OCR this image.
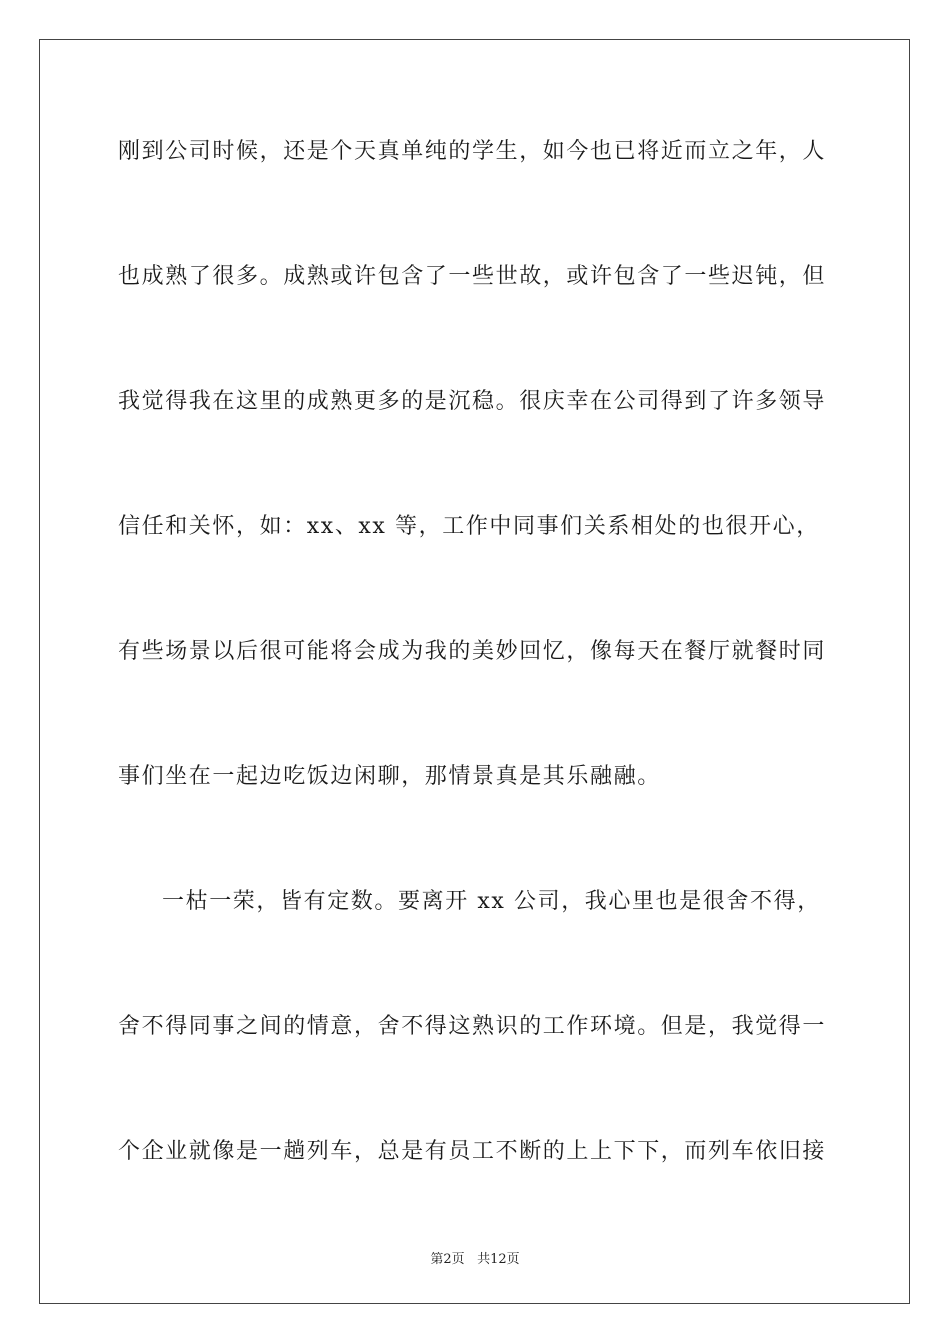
刚到公司时候，还是个天真单纯的学生，如今也已将近而立之年，人
也成熟了很多。成熟或许包含了一些世故，或许包含了一些迟钝，但
我觉得我在这里的成熟更多的是沉稳。很庆幸在公司得到了许多领导
信任和关怀，如：xx、xx 等，工作中同事们关系相处的也很开心，
有些场景以后很可能将会成为我的美妙回忆，像每天在餐厅就餐时同
事们坐在一起边吃饭边闲聊，那情景真是其乐融融。
一枯一荣，皆有定数。要离开 xx 公司，我心里也是很舍不得，
舍不得同事之间的情意，舍不得这熟识的工作环境。但是，我觉得一
个企业就像是一趟列车，总是有员工不断的上上下下，而列车依旧接
第2页 共12页
